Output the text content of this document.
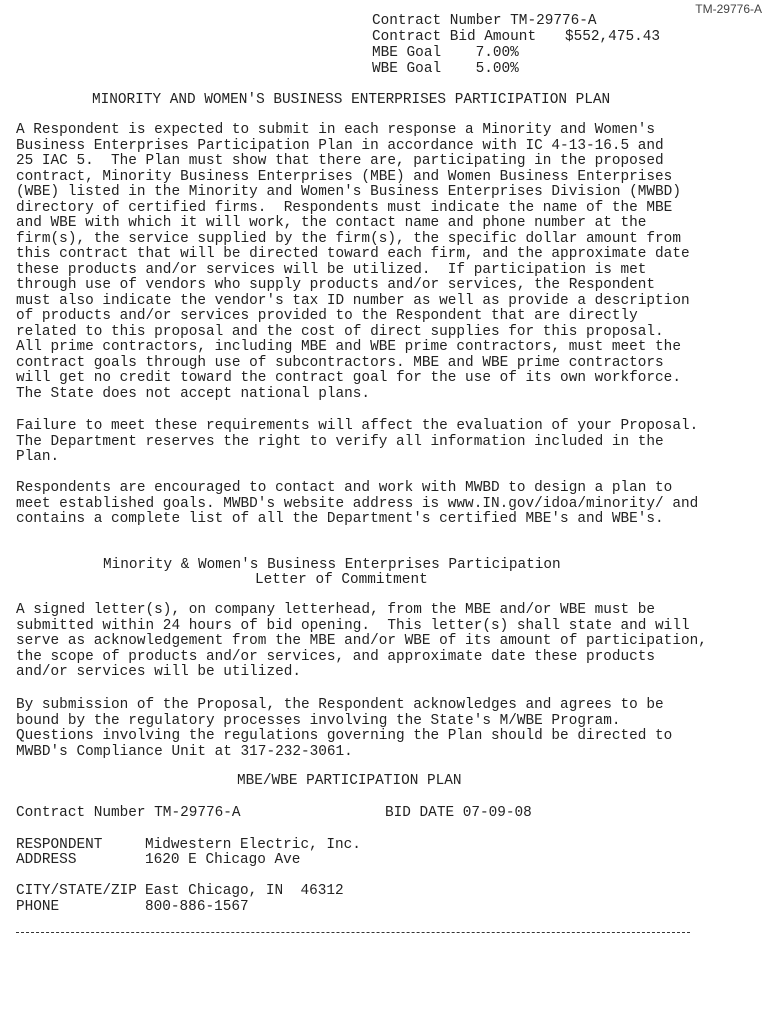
TM-29776-A
Contract Number TM-29776-A
Contract Bid Amount $552,475.43
MBE Goal    7.00%
WBE Goal    5.00%
MINORITY AND WOMEN'S BUSINESS ENTERPRISES PARTICIPATION PLAN
A Respondent is expected to submit in each response a Minority and Women's
Business Enterprises Participation Plan in accordance with IC 4-13-16.5 and
25 IAC 5.  The Plan must show that there are, participating in the proposed
contract, Minority Business Enterprises (MBE) and Women Business Enterprises
(WBE) listed in the Minority and Women's Business Enterprises Division (MWBD)
directory of certified firms.  Respondents must indicate the name of the MBE
and WBE with which it will work, the contact name and phone number at the
firm(s), the service supplied by the firm(s), the specific dollar amount from
this contract that will be directed toward each firm, and the approximate date
these products and/or services will be utilized.  If participation is met
through use of vendors who supply products and/or services, the Respondent
must also indicate the vendor's tax ID number as well as provide a description
of products and/or services provided to the Respondent that are directly
related to this proposal and the cost of direct supplies for this proposal.
All prime contractors, including MBE and WBE prime contractors, must meet the
contract goals through use of subcontractors. MBE and WBE prime contractors
will get no credit toward the contract goal for the use of its own workforce.
The State does not accept national plans.
Failure to meet these requirements will affect the evaluation of your Proposal.
The Department reserves the right to verify all information included in the
Plan.
Respondents are encouraged to contact and work with MWBD to design a plan to
meet established goals. MWBD's website address is www.IN.gov/idoa/minority/ and
contains a complete list of all the Department's certified MBE's and WBE's.
Minority & Women's Business Enterprises Participation
Letter of Commitment
A signed letter(s), on company letterhead, from the MBE and/or WBE must be
submitted within 24 hours of bid opening.  This letter(s) shall state and will
serve as acknowledgement from the MBE and/or WBE of its amount of participation,
the scope of products and/or services, and approximate date these products
and/or services will be utilized.
By submission of the Proposal, the Respondent acknowledges and agrees to be
bound by the regulatory processes involving the State's M/WBE Program.
Questions involving the regulations governing the Plan should be directed to
MWBD's Compliance Unit at 317-232-3061.
MBE/WBE PARTICIPATION PLAN
Contract Number TM-29776-A	BID DATE 07-09-08
RESPONDENT	Midwestern Electric, Inc.
ADDRESS	1620 E Chicago Ave
CITY/STATE/ZIP East Chicago, IN  46312
PHONE	800-886-1567
